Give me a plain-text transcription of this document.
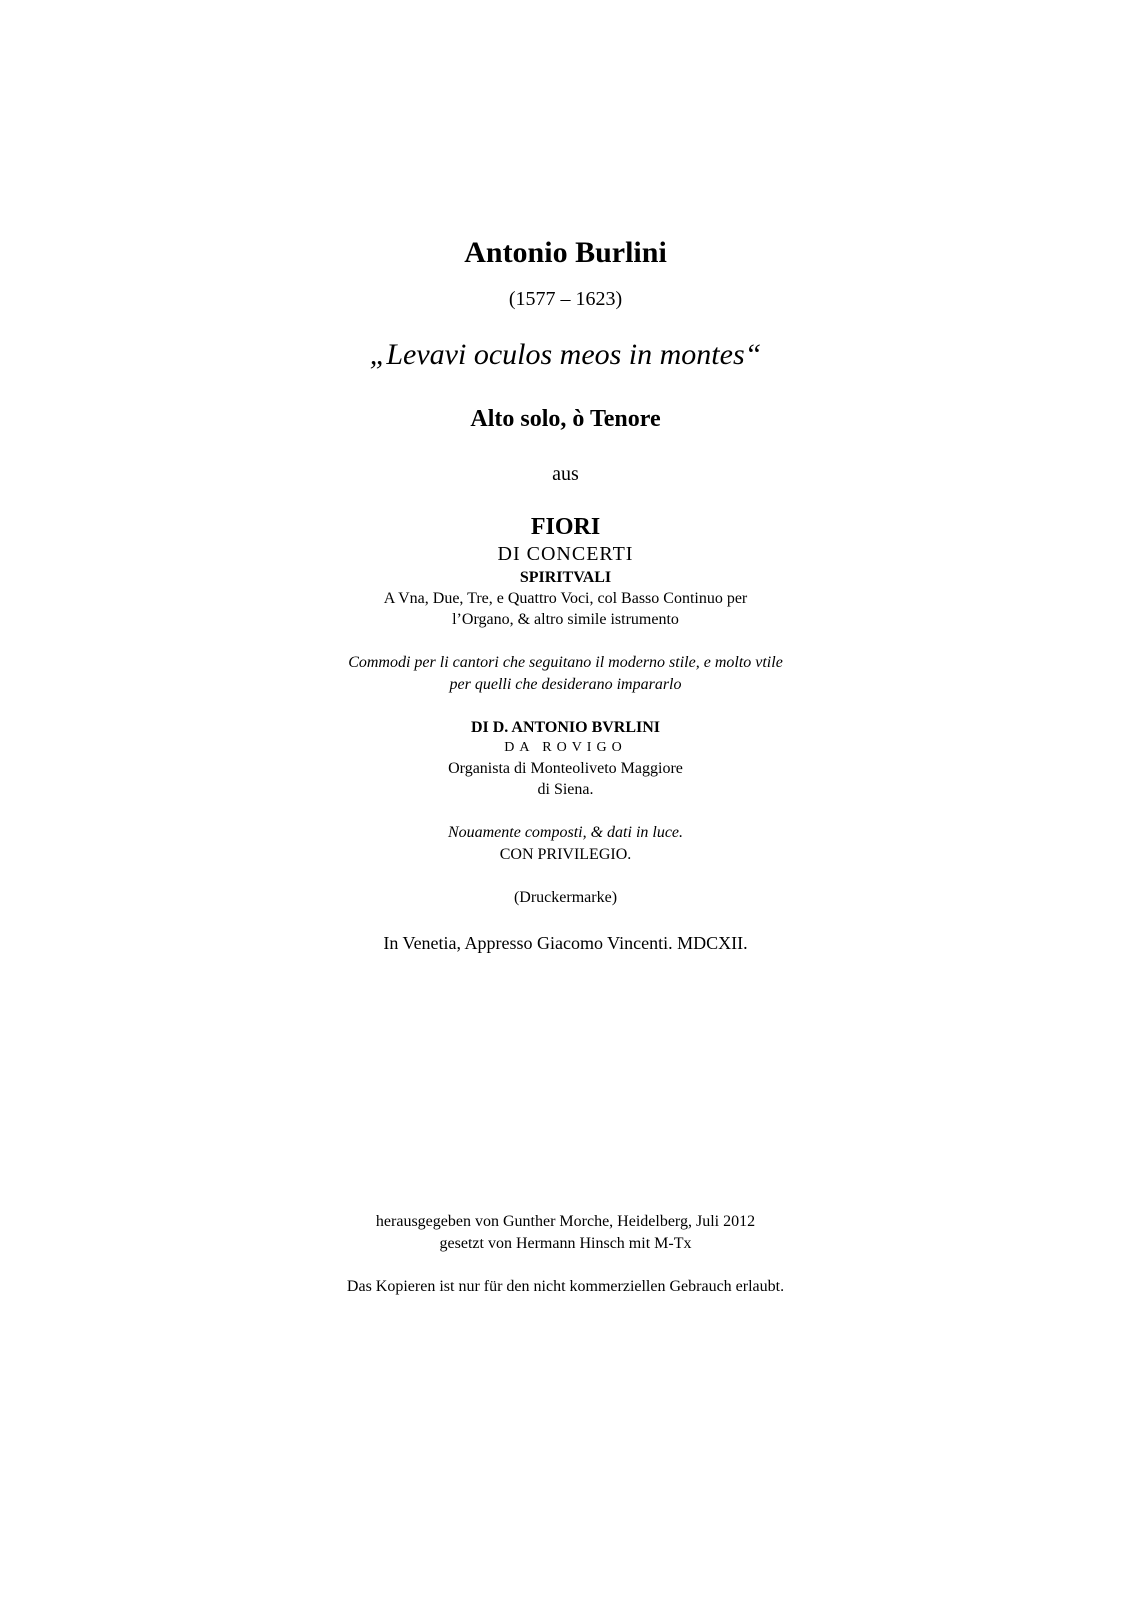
Antonio Burlini
(1577 – 1623)
„Levavi oculos meos in montes“
Alto solo, ò Tenore
aus
FIORI
DI CONCERTI
SPIRITVALI
A Vna, Due, Tre, e Quattro Voci, col Basso Continuo per
l’Organo, & altro simile istrumento
Commodi per li cantori che seguitano il moderno stile, e molto vtile
per quelli che desiderano impararlo
DI D. ANTONIO BVRLINI
DA ROVIGO
Organista di Monteoliveto Maggiore
di Siena.
Nouamente composti, & dati in luce.
CON PRIVILEGIO.
(Druckermarke)
In Venetia, Appresso Giacomo Vincenti. MDCXII.
herausgegeben von Gunther Morche, Heidelberg, Juli 2012
gesetzt von Hermann Hinsch mit M-Tx
Das Kopieren ist nur für den nicht kommerziellen Gebrauch erlaubt.
